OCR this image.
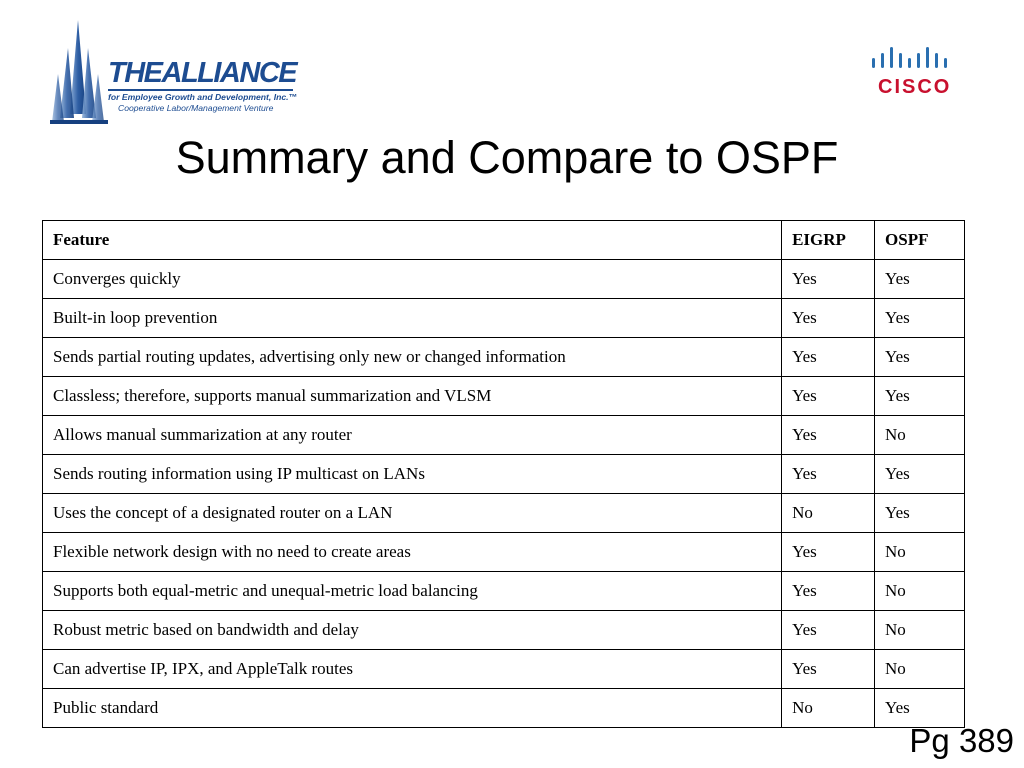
THEALLIANCE
for Employee Growth and Development, Inc.™
Cooperative Labor/Management Venture
CISCO
Summary and Compare to OSPF
Feature	EIGRP	OSPF
Converges quickly	Yes	Yes
Built-in loop prevention	Yes	Yes
Sends partial routing updates, advertising only new or changed information	Yes	Yes
Classless; therefore, supports manual summarization and VLSM	Yes	Yes
Allows manual summarization at any router	Yes	No
Sends routing information using IP multicast on LANs	Yes	Yes
Uses the concept of a designated router on a LAN	No	Yes
Flexible network design with no need to create areas	Yes	No
Supports both equal-metric and unequal-metric load balancing	Yes	No
Robust metric based on bandwidth and delay	Yes	No
Can advertise IP, IPX, and AppleTalk routes	Yes	No
Public standard	No	Yes
Pg 389
